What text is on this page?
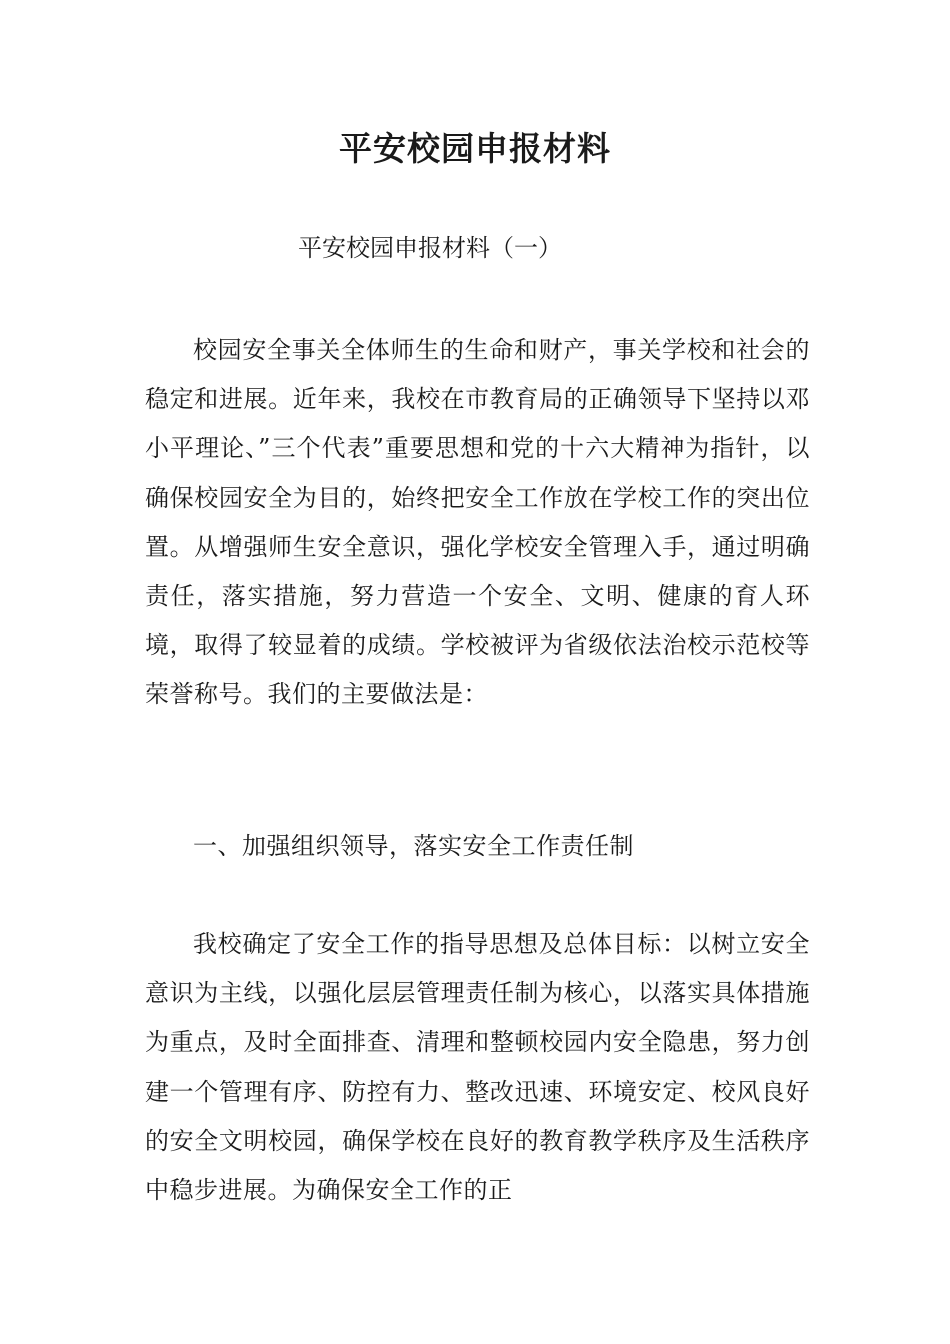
平安校园申报材料

平安校园申报材料（一）

校园安全事关全体师生的生命和财产，事关学校和社会的稳定和进展。近年来，我校在市教育局的正确领导下坚持以邓小平理论、”三个代表”重要思想和党的十六大精神为指针，以确保校园安全为目的，始终把安全工作放在学校工作的突出位置。从增强师生安全意识，强化学校安全管理入手，通过明确责任，落实措施，努力营造一个安全、文明、健康的育人环境，取得了较显着的成绩。学校被评为省级依法治校示范校等荣誉称号。我们的主要做法是：

一、加强组织领导，落实安全工作责任制

我校确定了安全工作的指导思想及总体目标：以树立安全意识为主线，以强化层层管理责任制为核心，以落实具体措施为重点，及时全面排查、清理和整顿校园内安全隐患，努力创建一个管理有序、防控有力、整改迅速、环境安定、校风良好的安全文明校园，确保学校在良好的教育教学秩序及生活秩序中稳步进展。为确保安全工作的正
